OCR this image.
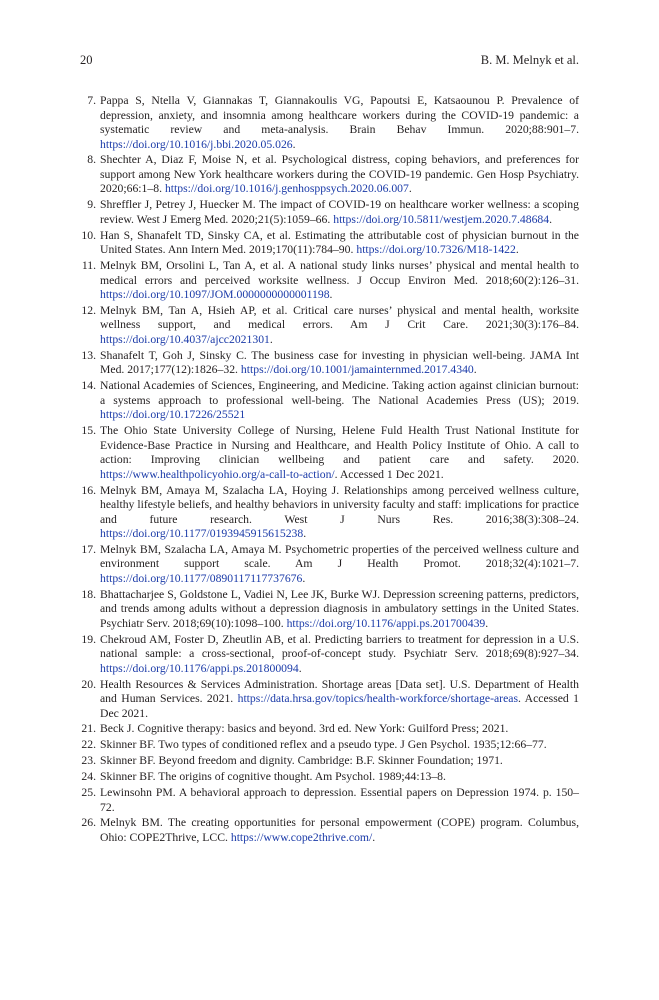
20	B. M. Melnyk et al.
7. Pappa S, Ntella V, Giannakas T, Giannakoulis VG, Papoutsi E, Katsaounou P. Prevalence of depression, anxiety, and insomnia among healthcare workers during the COVID-19 pandemic: a systematic review and meta-analysis. Brain Behav Immun. 2020;88:901–7. https://doi.org/10.1016/j.bbi.2020.05.026.
8. Shechter A, Diaz F, Moise N, et al. Psychological distress, coping behaviors, and preferences for support among New York healthcare workers during the COVID-19 pandemic. Gen Hosp Psychiatry. 2020;66:1–8. https://doi.org/10.1016/j.genhosppsych.2020.06.007.
9. Shreffler J, Petrey J, Huecker M. The impact of COVID-19 on healthcare worker wellness: a scoping review. West J Emerg Med. 2020;21(5):1059–66. https://doi.org/10.5811/westjem.2020.7.48684.
10. Han S, Shanafelt TD, Sinsky CA, et al. Estimating the attributable cost of physician burnout in the United States. Ann Intern Med. 2019;170(11):784–90. https://doi.org/10.7326/M18-1422.
11. Melnyk BM, Orsolini L, Tan A, et al. A national study links nurses’ physical and mental health to medical errors and perceived worksite wellness. J Occup Environ Med. 2018;60(2):126–31. https://doi.org/10.1097/JOM.0000000000001198.
12. Melnyk BM, Tan A, Hsieh AP, et al. Critical care nurses’ physical and mental health, worksite wellness support, and medical errors. Am J Crit Care. 2021;30(3):176–84. https://doi.org/10.4037/ajcc2021301.
13. Shanafelt T, Goh J, Sinsky C. The business case for investing in physician well-being. JAMA Int Med. 2017;177(12):1826–32. https://doi.org/10.1001/jamainternmed.2017.4340.
14. National Academies of Sciences, Engineering, and Medicine. Taking action against clinician burnout: a systems approach to professional well-being. The National Academies Press (US); 2019. https://doi.org/10.17226/25521
15. The Ohio State University College of Nursing, Helene Fuld Health Trust National Institute for Evidence-Base Practice in Nursing and Healthcare, and Health Policy Institute of Ohio. A call to action: Improving clinician wellbeing and patient care and safety. 2020. https://www.healthpolicyohio.org/a-call-to-action/. Accessed 1 Dec 2021.
16. Melnyk BM, Amaya M, Szalacha LA, Hoying J. Relationships among perceived wellness culture, healthy lifestyle beliefs, and healthy behaviors in university faculty and staff: implications for practice and future research. West J Nurs Res. 2016;38(3):308–24. https://doi.org/10.1177/0193945915615238.
17. Melnyk BM, Szalacha LA, Amaya M. Psychometric properties of the perceived wellness culture and environment support scale. Am J Health Promot. 2018;32(4):1021–7. https://doi.org/10.1177/0890117117737676.
18. Bhattacharjee S, Goldstone L, Vadiei N, Lee JK, Burke WJ. Depression screening patterns, predictors, and trends among adults without a depression diagnosis in ambulatory settings in the United States. Psychiatr Serv. 2018;69(10):1098–100. https://doi.org/10.1176/appi.ps.201700439.
19. Chekroud AM, Foster D, Zheutlin AB, et al. Predicting barriers to treatment for depression in a U.S. national sample: a cross-sectional, proof-of-concept study. Psychiatr Serv. 2018;69(8):927–34. https://doi.org/10.1176/appi.ps.201800094.
20. Health Resources & Services Administration. Shortage areas [Data set]. U.S. Department of Health and Human Services. 2021. https://data.hrsa.gov/topics/health-workforce/shortage-areas. Accessed 1 Dec 2021.
21. Beck J. Cognitive therapy: basics and beyond. 3rd ed. New York: Guilford Press; 2021.
22. Skinner BF. Two types of conditioned reflex and a pseudo type. J Gen Psychol. 1935;12:66–77.
23. Skinner BF. Beyond freedom and dignity. Cambridge: B.F. Skinner Foundation; 1971.
24. Skinner BF. The origins of cognitive thought. Am Psychol. 1989;44:13–8.
25. Lewinsohn PM. A behavioral approach to depression. Essential papers on Depression 1974. p. 150–72.
26. Melnyk BM. The creating opportunities for personal empowerment (COPE) program. Columbus, Ohio: COPE2Thrive, LCC. https://www.cope2thrive.com/.
